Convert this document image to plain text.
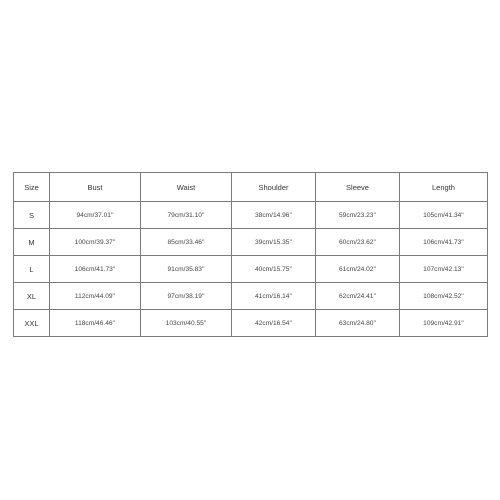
Size	Bust	Waist	Shoulder	Sleeve	Length
S	94cm/37.01''	79cm/31.10''	38cm/14.96''	59cm/23.23''	105cm/41.34''
M	100cm/39.37''	85cm/33.46''	39cm/15.35''	60cm/23.62''	106cm/41.73''
L	106cm/41.73''	91cm/35.83''	40cm/15.75''	61cm/24.02''	107cm/42.13''
XL	112cm/44.09''	97cm/38.19''	41cm/16.14''	62cm/24.41''	108cm/42.52''
XXL	118cm/46.46''	103cm/40.55''	42cm/16.54''	63cm/24.80''	109cm/42.91''
